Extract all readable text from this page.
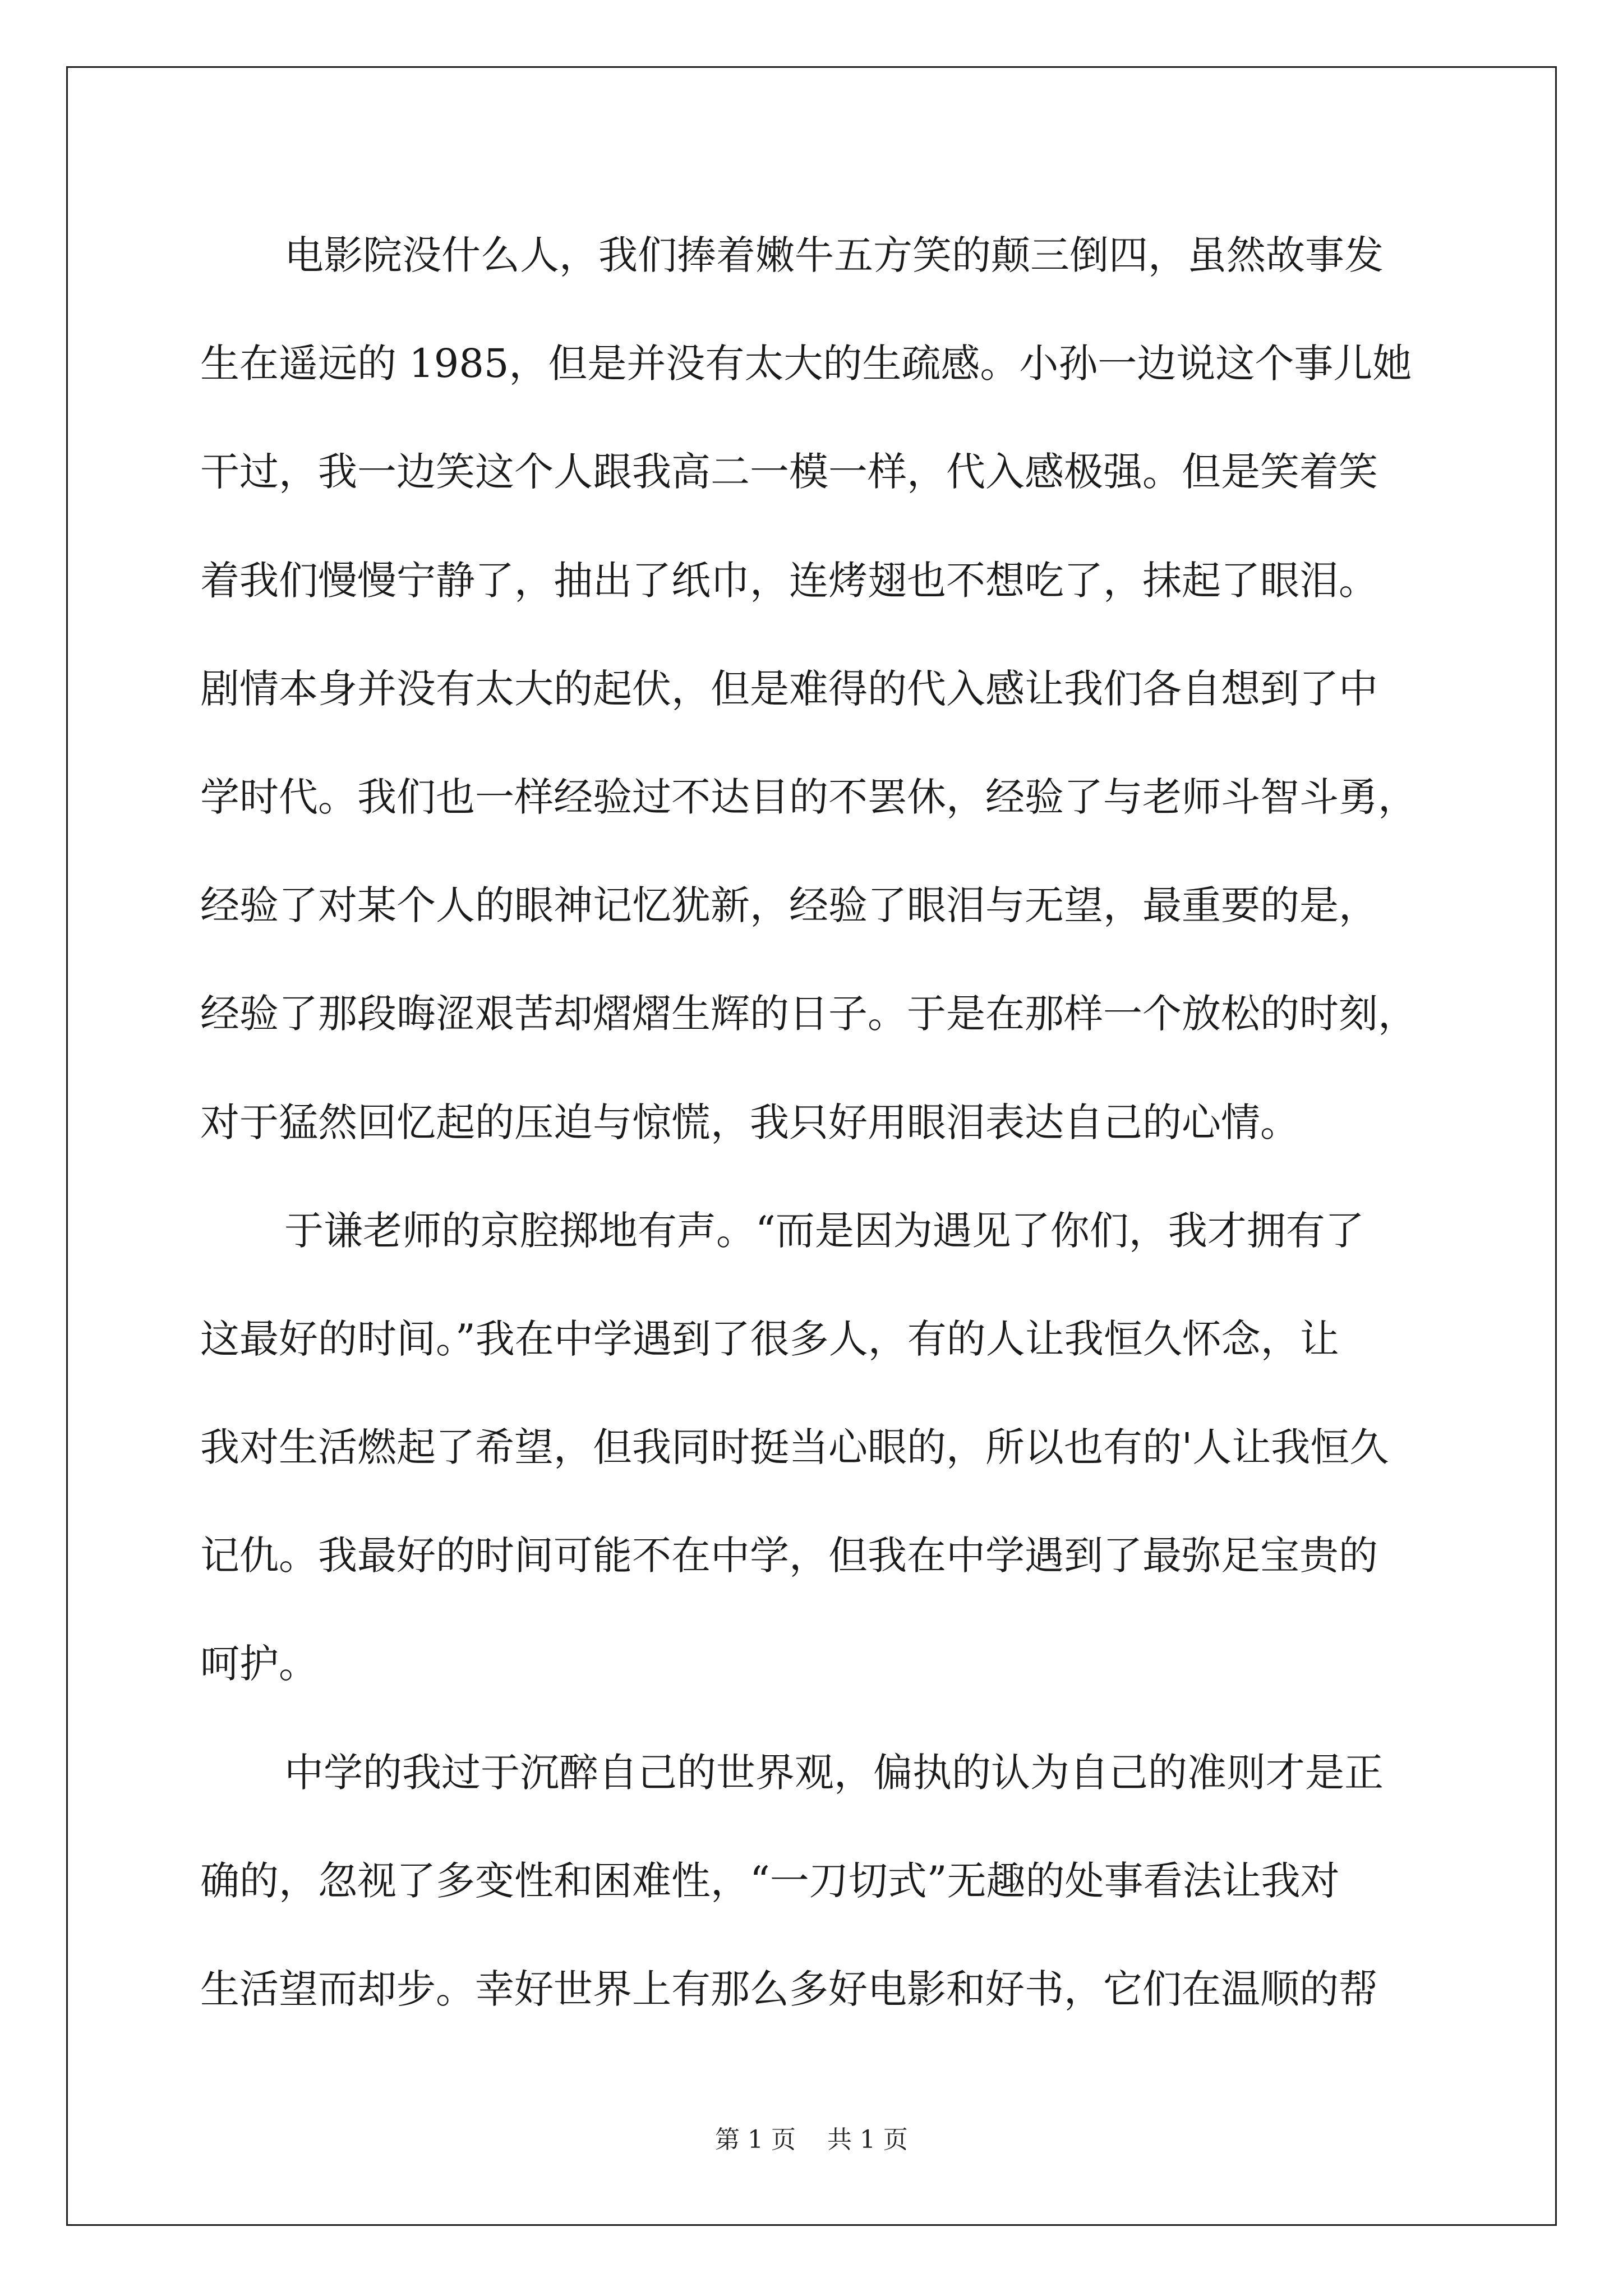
电影院没什么人，我们捧着嫩牛五方笑的颠三倒四，虽然故事发
生在遥远的 1985，但是并没有太大的生疏感。小孙一边说这个事儿她
干过，我一边笑这个人跟我高二一模一样，代入感极强。但是笑着笑
着我们慢慢宁静了，抽出了纸巾，连烤翅也不想吃了，抹起了眼泪。
剧情本身并没有太大的起伏，但是难得的代入感让我们各自想到了中
学时代。我们也一样经验过不达目的不罢休，经验了与老师斗智斗勇，
经验了对某个人的眼神记忆犹新，经验了眼泪与无望，最重要的是，
经验了那段晦涩艰苦却熠熠生辉的日子。于是在那样一个放松的时刻，
对于猛然回忆起的压迫与惊慌，我只好用眼泪表达自己的心情。
于谦老师的京腔掷地有声。“而是因为遇见了你们，我才拥有了
这最好的时间。”我在中学遇到了很多人，有的人让我恒久怀念，让
我对生活燃起了希望，但我同时挺当心眼的，所以也有的'人让我恒久
记仇。我最好的时间可能不在中学，但我在中学遇到了最弥足宝贵的
呵护。
中学的我过于沉醉自己的世界观，偏执的认为自己的准则才是正
确的，忽视了多变性和困难性，“一刀切式”无趣的处事看法让我对
生活望而却步。幸好世界上有那么多好电影和好书，它们在温顺的帮
第 1 页    共 1 页
